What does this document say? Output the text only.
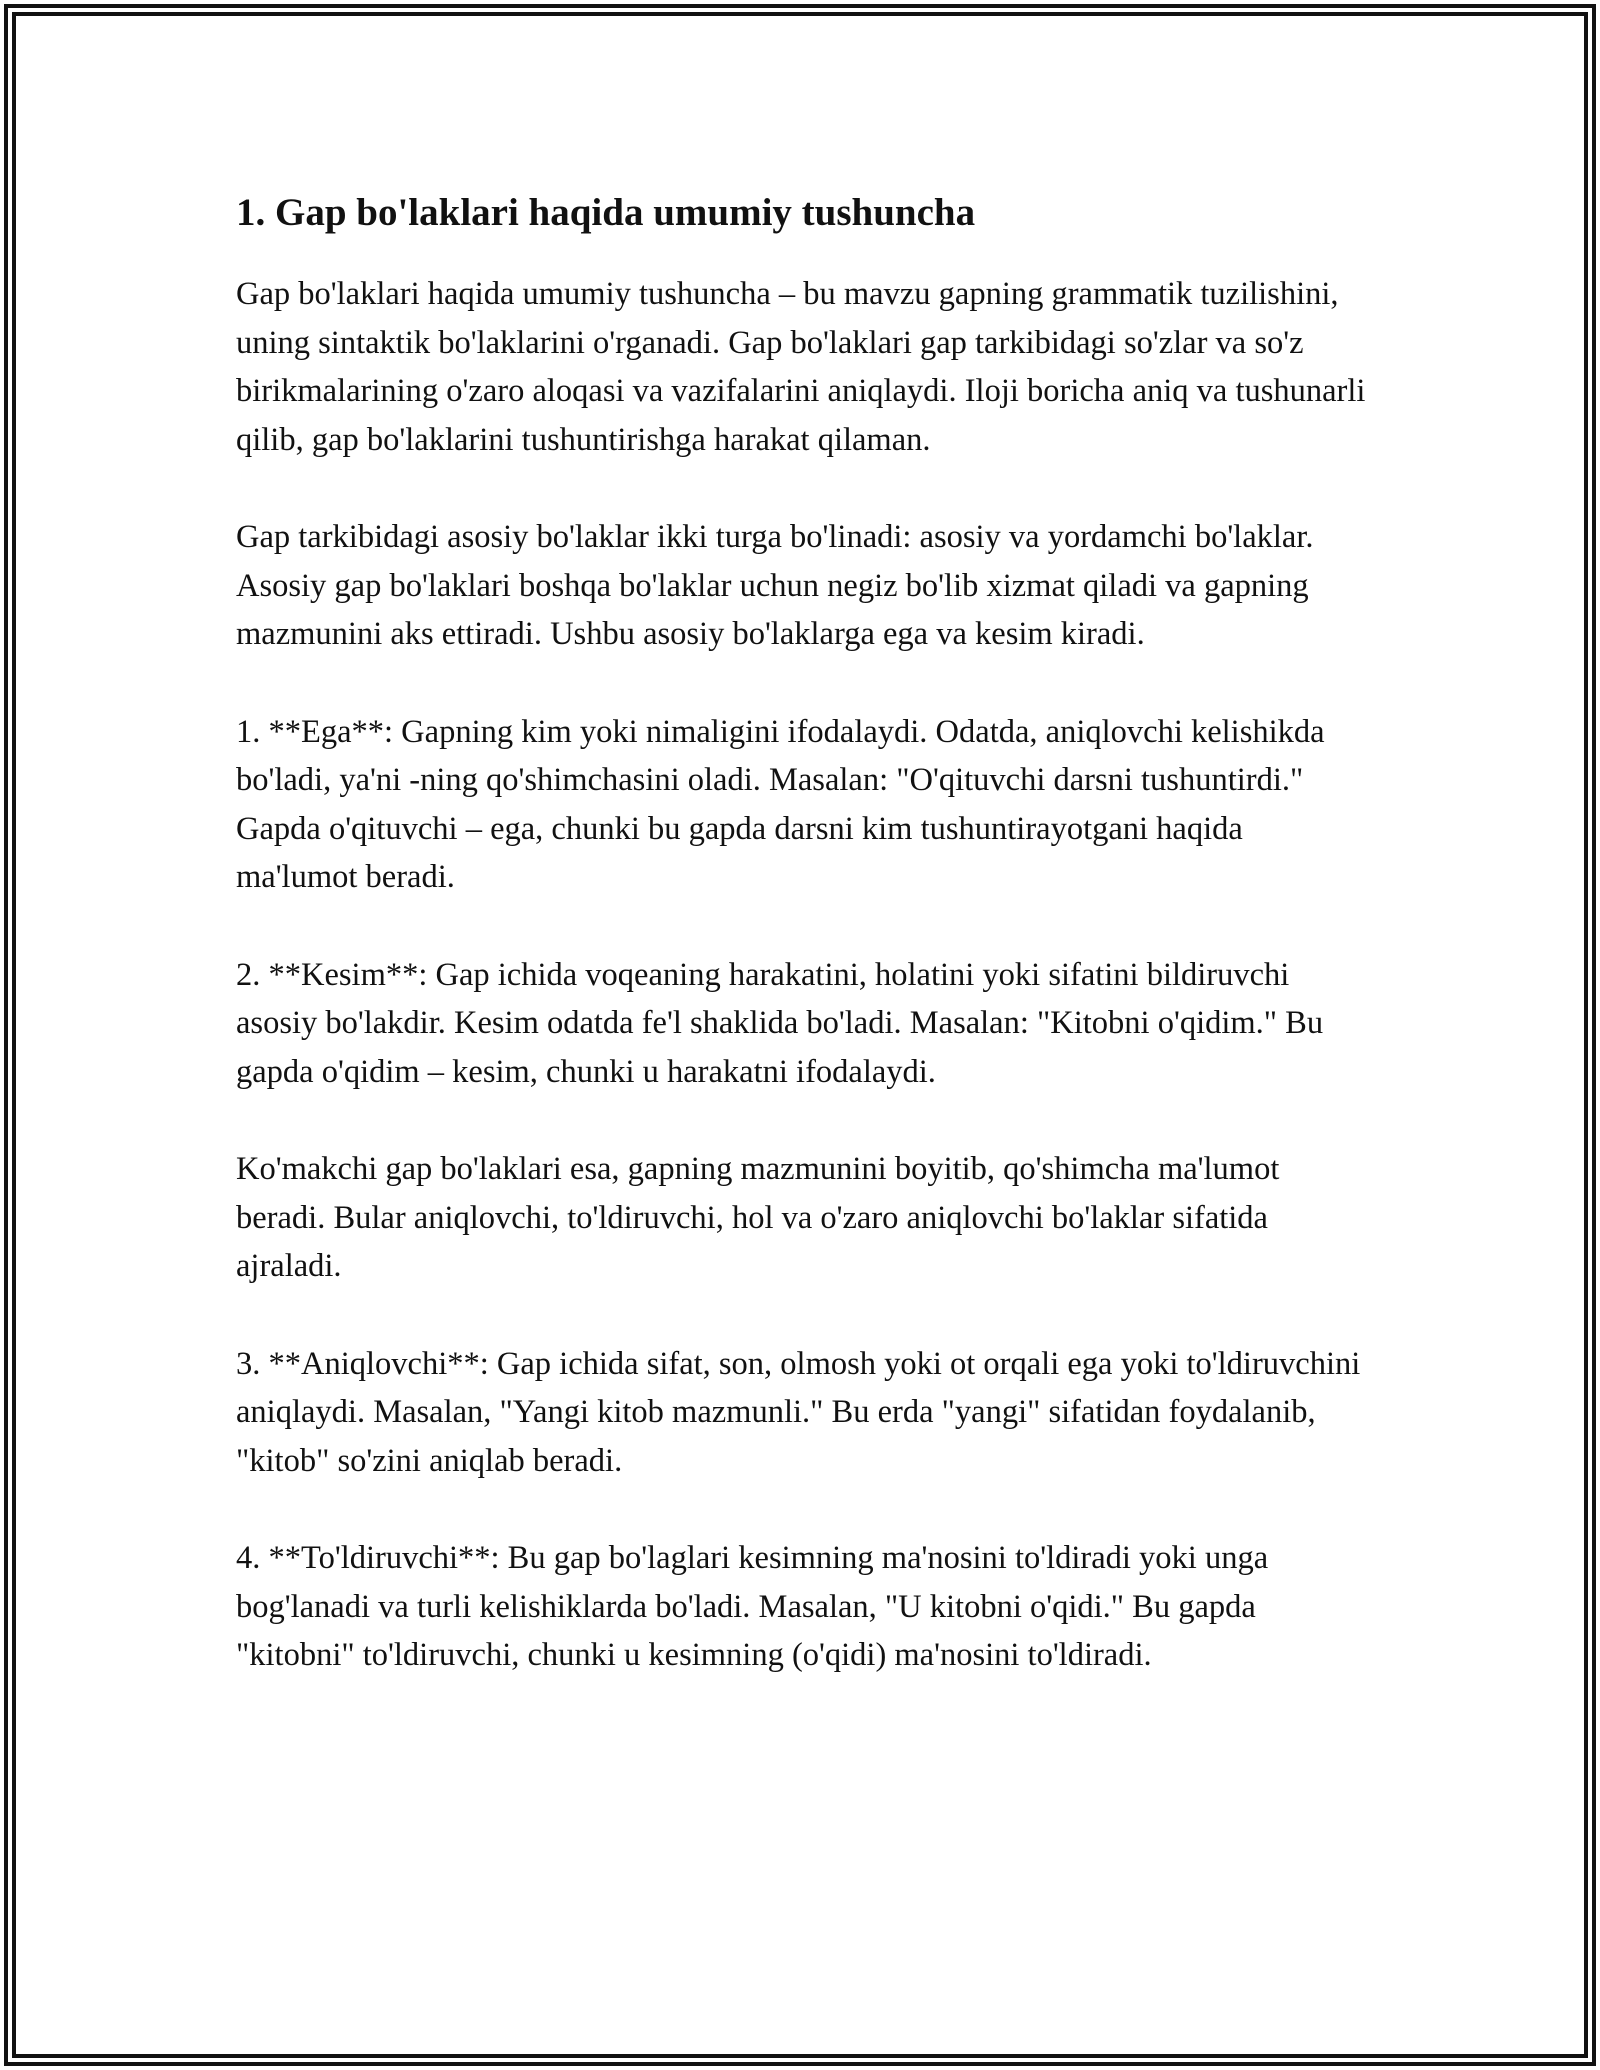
1. Gap bo'laklari haqida umumiy tushuncha

Gap bo'laklari haqida umumiy tushuncha – bu mavzu gapning grammatik tuzilishini, uning sintaktik bo'laklarini o'rganadi. Gap bo'laklari gap tarkibidagi so'zlar va so'z birikmalarining o'zaro aloqasi va vazifalarini aniqlaydi. Iloji boricha aniq va tushunarli qilib, gap bo'laklarini tushuntirishga harakat qilaman.

Gap tarkibidagi asosiy bo'laklar ikki turga bo'linadi: asosiy va yordamchi bo'laklar. Asosiy gap bo'laklari boshqa bo'laklar uchun negiz bo'lib xizmat qiladi va gapning mazmunini aks ettiradi. Ushbu asosiy bo'laklarga ega va kesim kiradi.

1. **Ega**: Gapning kim yoki nimaligini ifodalaydi. Odatda, aniqlovchi kelishikda bo'ladi, ya'ni -ning qo'shimchasini oladi. Masalan: "O'qituvchi darsni tushuntirdi." Gapda o'qituvchi – ega, chunki bu gapda darsni kim tushuntirayotgani haqida ma'lumot beradi.

2. **Kesim**: Gap ichida voqeaning harakatini, holatini yoki sifatini bildiruvchi asosiy bo'lakdir. Kesim odatda fe'l shaklida bo'ladi. Masalan: "Kitobni o'qidim." Bu gapda o'qidim – kesim, chunki u harakatni ifodalaydi.

Ko'makchi gap bo'laklari esa, gapning mazmunini boyitib, qo'shimcha ma'lumot beradi. Bular aniqlovchi, to'ldiruvchi, hol va o'zaro aniqlovchi bo'laklar sifatida ajraladi.

3. **Aniqlovchi**: Gap ichida sifat, son, olmosh yoki ot orqali ega yoki to'ldiruvchini aniqlaydi. Masalan, "Yangi kitob mazmunli." Bu erda "yangi" sifatidan foydalanib, "kitob" so'zini aniqlab beradi.

4. **To'ldiruvchi**: Bu gap bo'laglari kesimning ma'nosini to'ldiradi yoki unga bog'lanadi va turli kelishiklarda bo'ladi. Masalan, "U kitobni o'qidi." Bu gapda "kitobni" to'ldiruvchi, chunki u kesimning (o'qidi) ma'nosini to'ldiradi.
